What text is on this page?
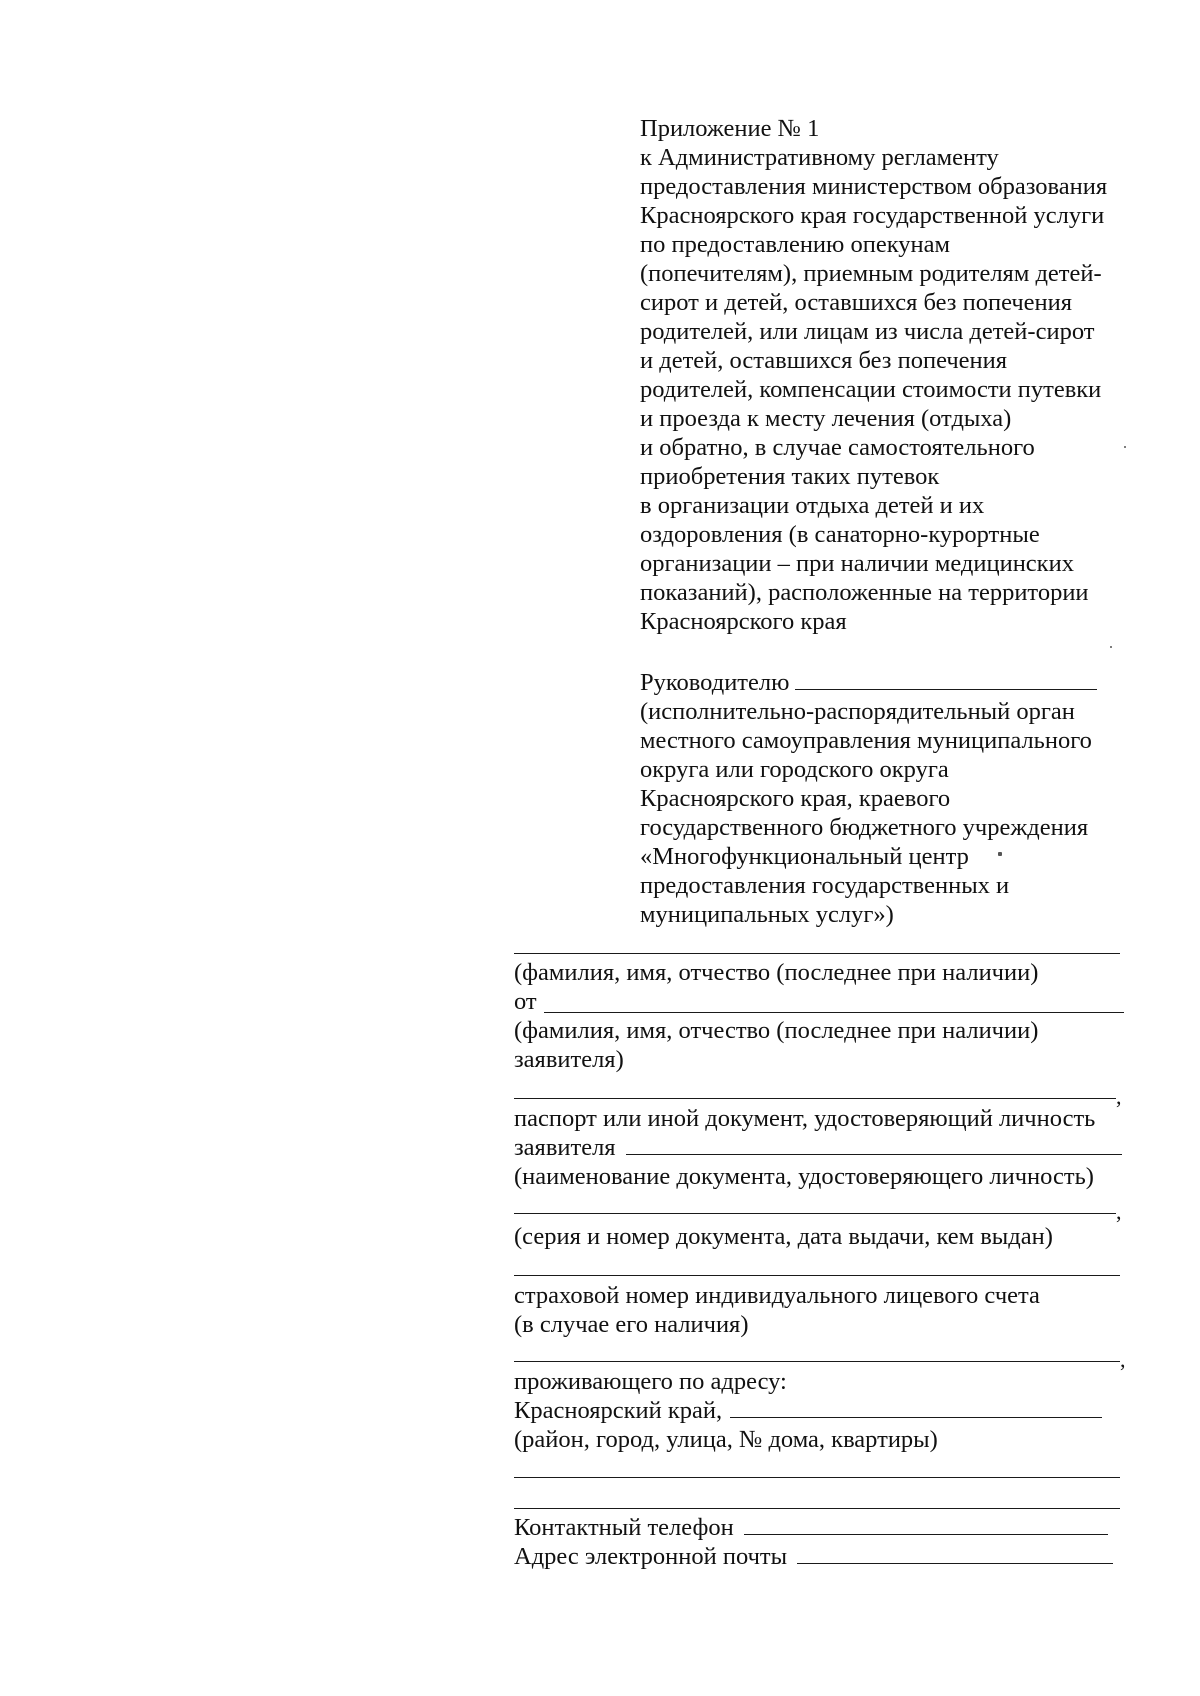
Приложение № 1
к Административному регламенту
предоставления министерством образования
Красноярского края государственной услуги
по предоставлению опекунам
(попечителям), приемным родителям детей-
сирот и детей, оставшихся без попечения
родителей, или лицам из числа детей-сирот
и детей, оставшихся без попечения
родителей, компенсации стоимости путевки
и проезда к месту лечения (отдыха)
и обратно, в случае самостоятельного
приобретения таких путевок
в организации отдыха детей и их
оздоровления (в санаторно-курортные
организации – при наличии медицинских
показаний), расположенные на территории
Красноярского края
Руководителю
(исполнительно-распорядительный орган
местного самоуправления муниципального
округа или городского округа
Красноярского края, краевого
государственного бюджетного учреждения
«Многофункциональный центр
предоставления государственных и
муниципальных услуг»)
(фамилия, имя, отчество (последнее при наличии)
от
(фамилия, имя, отчество (последнее при наличии)
заявителя)
,
паспорт или иной документ, удостоверяющий личность
заявителя
(наименование документа, удостоверяющего личность)
,
(серия и номер документа, дата выдачи, кем выдан)
страховой номер индивидуального лицевого счета
(в случае его наличия)
,
проживающего по адресу:
Красноярский край,
(район, город, улица, № дома, квартиры)
Контактный телефон
Адрес электронной почты
